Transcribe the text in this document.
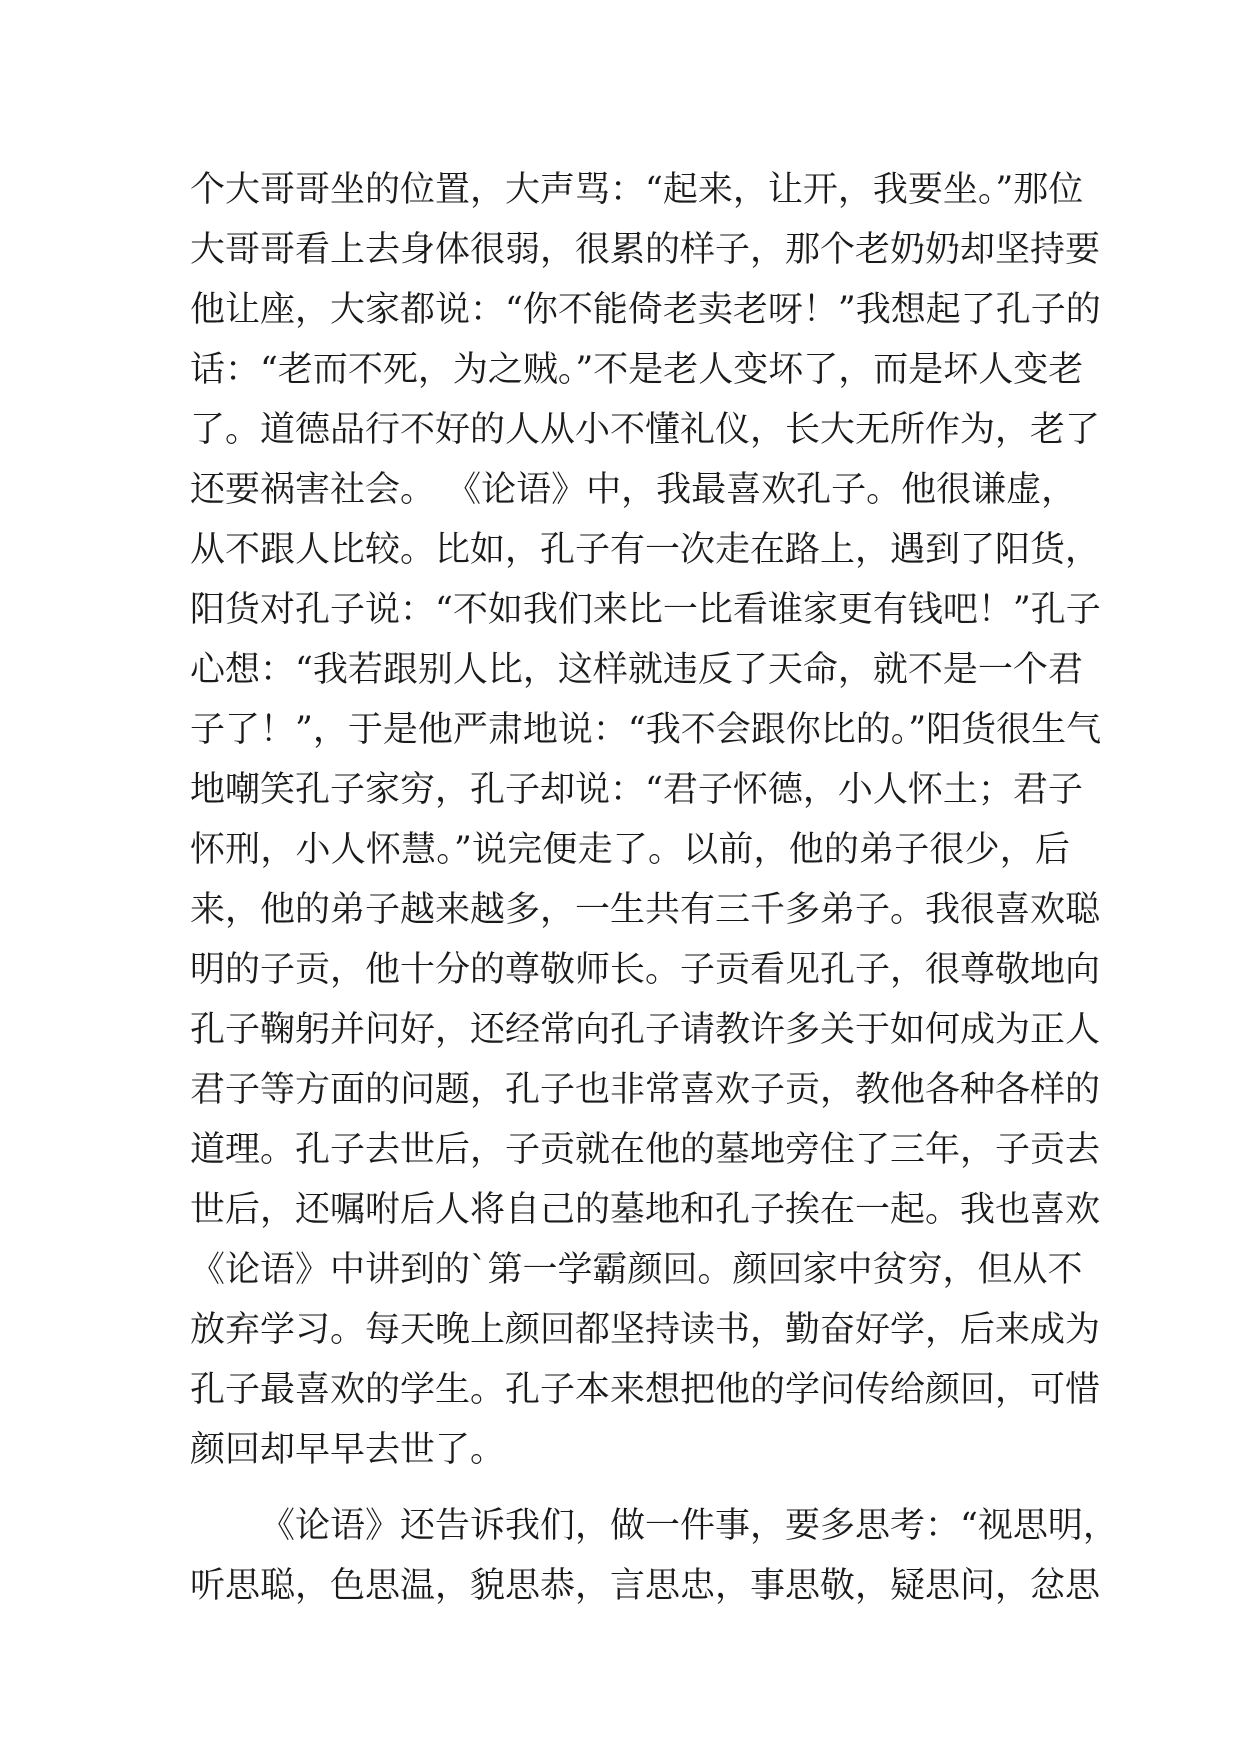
个大哥哥坐的位置，大声骂：“起来，让开，我要坐。”那位
大哥哥看上去身体很弱，很累的样子，那个老奶奶却坚持要
他让座，大家都说：“你不能倚老卖老呀！”我想起了孔子的
话：“老而不死，为之贼。”不是老人变坏了，而是坏人变老
了。道德品行不好的人从小不懂礼仪，长大无所作为，老了
还要祸害社会。 《论语》中，我最喜欢孔子。他很谦虚，
从不跟人比较。比如，孔子有一次走在路上，遇到了阳货，
阳货对孔子说：“不如我们来比一比看谁家更有钱吧！”孔子
心想：“我若跟别人比，这样就违反了天命，就不是一个君
子了！”，于是他严肃地说：“我不会跟你比的。”阳货很生气
地嘲笑孔子家穷，孔子却说：“君子怀德，小人怀土；君子
怀刑，小人怀慧。”说完便走了。以前，他的弟子很少，后
来，他的弟子越来越多，一生共有三千多弟子。我很喜欢聪
明的子贡，他十分的尊敬师长。子贡看见孔子，很尊敬地向
孔子鞠躬并问好，还经常向孔子请教许多关于如何成为正人
君子等方面的问题，孔子也非常喜欢子贡，教他各种各样的
道理。孔子去世后，子贡就在他的墓地旁住了三年，子贡去
世后，还嘱咐后人将自己的墓地和孔子挨在一起。我也喜欢
《论语》中讲到的`第一学霸颜回。颜回家中贫穷，但从不
放弃学习。每天晚上颜回都坚持读书，勤奋好学，后来成为
孔子最喜欢的学生。孔子本来想把他的学问传给颜回，可惜
颜回却早早去世了。
《论语》还告诉我们，做一件事，要多思考：“视思明，
听思聪，色思温，貌思恭，言思忠，事思敬，疑思问，忿思
